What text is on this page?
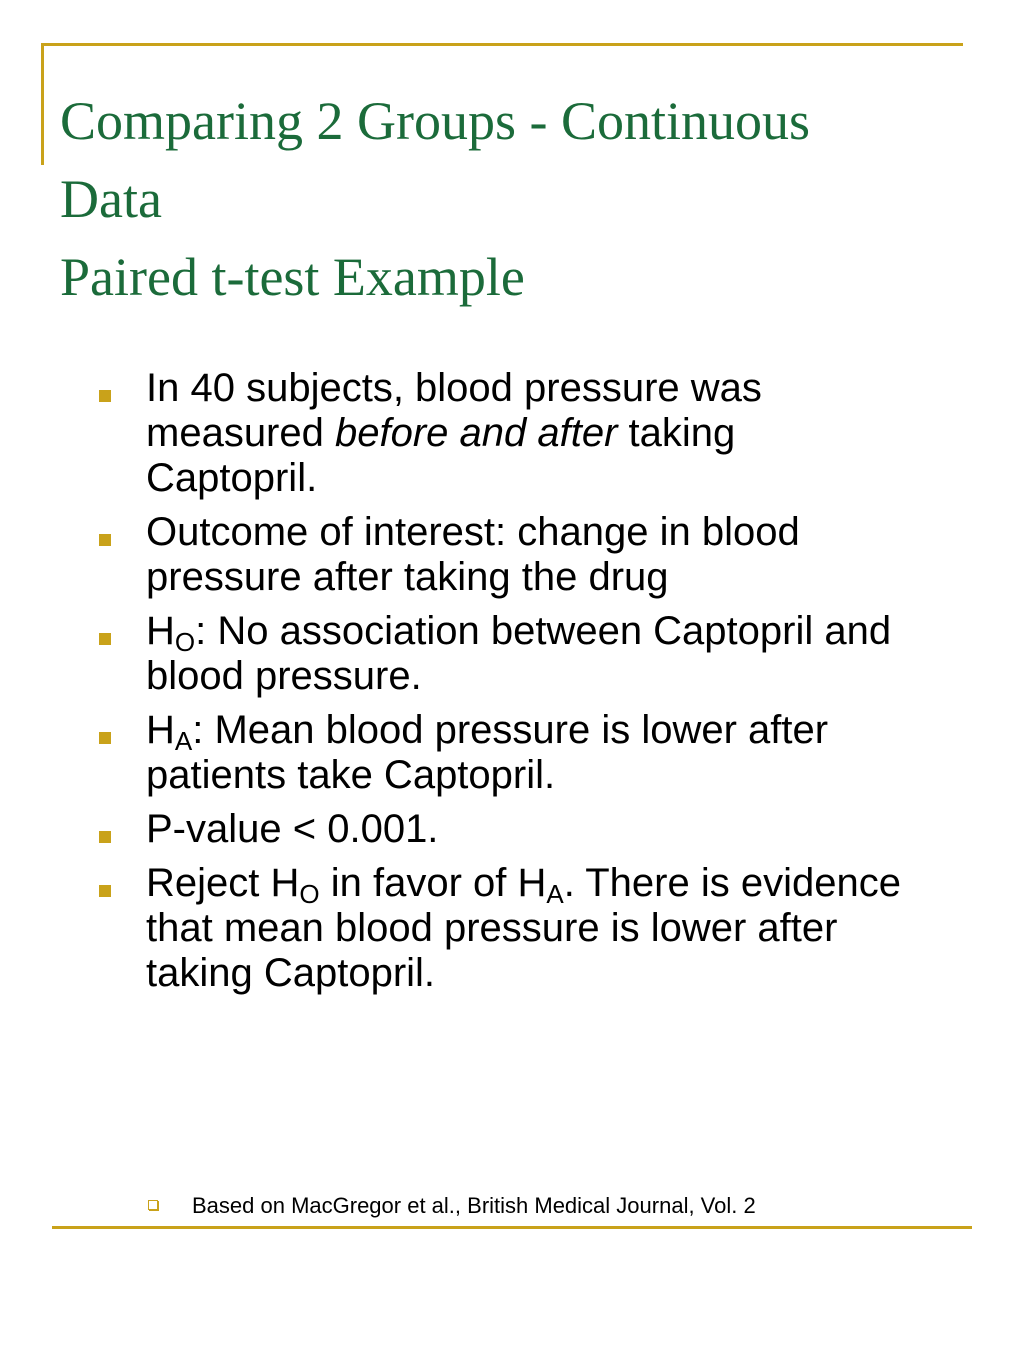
Comparing 2 Groups - Continuous
Data
Paired t-test Example
In 40 subjects, blood pressure was measured before and after taking Captopril.
Outcome of interest: change in blood pressure after taking the drug
$H_O$: No association between Captopril and blood pressure.
$H_A$: Mean blood pressure is lower after patients take Captopril.
P-value < 0.001.
Reject $H_O$ in favor of $H_A$. There is evidence that mean blood pressure is lower after taking Captopril.
Based on MacGregor et al., British Medical Journal, Vol. 2
